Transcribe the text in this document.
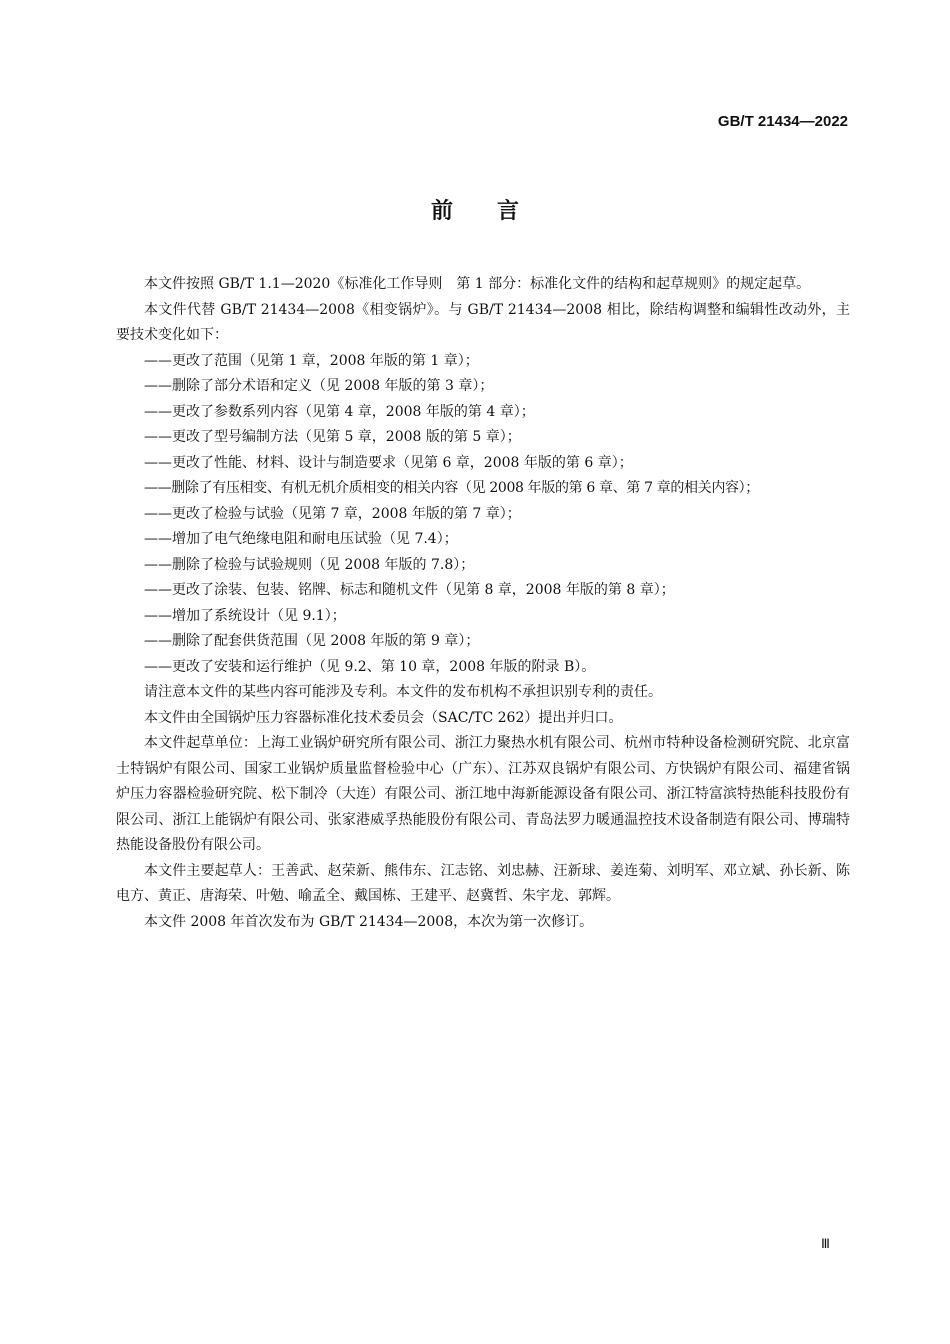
GB/T 21434—2022
前言

本文件按照 GB/T 1.1—2020《标准化工作导则　第 1 部分：标准化文件的结构和起草规则》的规定起草。

本文件代替 GB/T 21434—2008《相变锅炉》。与 GB/T 21434—2008 相比，除结构调整和编辑性改动外，主要技术变化如下：

——更改了范围（见第 1 章，2008 年版的第 1 章）；

——删除了部分术语和定义（见 2008 年版的第 3 章）；

——更改了参数系列内容（见第 4 章，2008 年版的第 4 章）；

——更改了型号编制方法（见第 5 章，2008 版的第 5 章）；

——更改了性能、材料、设计与制造要求（见第 6 章，2008 年版的第 6 章）；

——删除了有压相变、有机无机介质相变的相关内容（见 2008 年版的第 6 章、第 7 章的相关内容）；

——更改了检验与试验（见第 7 章，2008 年版的第 7 章）；

——增加了电气绝缘电阻和耐电压试验（见 7.4）；

——删除了检验与试验规则（见 2008 年版的 7.8）；

——更改了涂装、包装、铭牌、标志和随机文件（见第 8 章，2008 年版的第 8 章）；

——增加了系统设计（见 9.1）；

——删除了配套供货范围（见 2008 年版的第 9 章）；

——更改了安装和运行维护（见 9.2、第 10 章，2008 年版的附录 B）。

请注意本文件的某些内容可能涉及专利。本文件的发布机构不承担识别专利的责任。

本文件由全国锅炉压力容器标准化技术委员会（SAC/TC 262）提出并归口。

本文件起草单位：上海工业锅炉研究所有限公司、浙江力聚热水机有限公司、杭州市特种设备检测研究院、北京富士特锅炉有限公司、国家工业锅炉质量监督检验中心（广东）、江苏双良锅炉有限公司、方快锅炉有限公司、福建省锅炉压力容器检验研究院、松下制冷（大连）有限公司、浙江地中海新能源设备有限公司、浙江特富滨特热能科技股份有限公司、浙江上能锅炉有限公司、张家港威孚热能股份有限公司、青岛法罗力暖通温控技术设备制造有限公司、博瑞特热能设备股份有限公司。

本文件主要起草人：王善武、赵荣新、熊伟东、江志铭、刘忠赫、汪新球、姜连菊、刘明军、邓立斌、孙长新、陈电方、黄正、唐海荣、叶勉、喻孟全、戴国栋、王建平、赵冀哲、朱宇龙、郭辉。

本文件 2008 年首次发布为 GB/T 21434—2008，本次为第一次修订。

Ⅲ
